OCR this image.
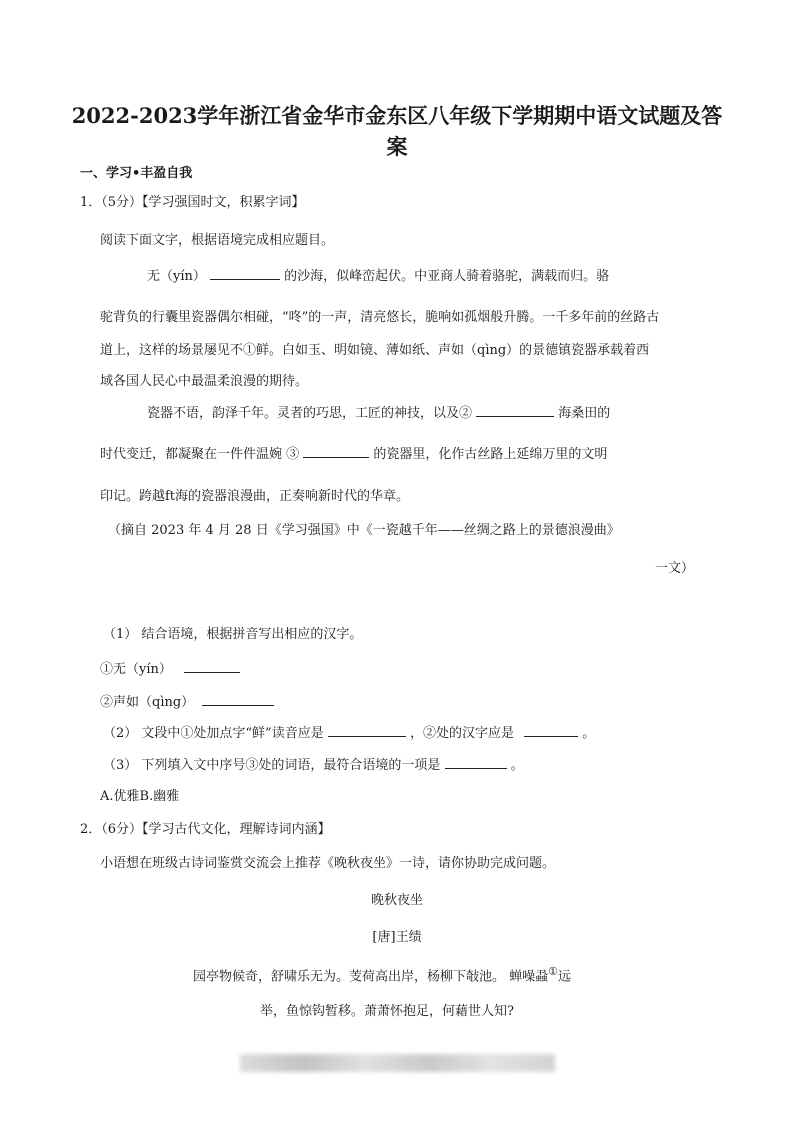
2022-2023学年浙江省金华市金东区八年级下学期期中语文试题及答案
一、学习•丰盈自我
1．（5分）【学习强国时文，积累字词】
阅读下面文字，根据语境完成相应题目。
无（yín）	的沙海，似峰峦起伏。中亚商人骑着骆驼，满载而归。骆
驼背负的行囊里瓷器偶尔相碰，“咚”的一声，清亮悠长，脆响如孤烟般升腾。一千多年前的丝路古
道上，这样的场景屡见不①鲜。白如玉、明如镜、薄如纸、声如（qìng）的景德镇瓷器承载着西
域各国人民心中最温柔浪漫的期待。
瓷器不语，韵泽千年。灵者的巧思，工匠的神技，以及②	海桑田的
时代变迁，都凝聚在一件件温婉 ③	的瓷器里，化作古丝路上延绵万里的文明
印记。跨越ft海的瓷器浪漫曲，正奏响新时代的华章。
（摘自 2023 年 4 月 28 日《学习强国》中《一瓷越千年——丝绸之路上的景德浪漫曲》
一文）
（1） 结合语境，根据拼音写出相应的汉字。
①无（yín）
②声如（qìng）
（2） 文段中①处加点字“鲜”读音应是	，②处的汉字应是	。
（3） 下列填入文中序号③处的词语，最符合语境的一项是	。
A.优雅B.幽雅
2．（6分）【学习古代文化，理解诗词内涵】
小语想在班级古诗词鉴赏交流会上推荐《晚秋夜坐》一诗，请你协助完成问题。
晚秋夜坐
[唐]王绩
园亭物候奇，舒啸乐无为。芰荷高出岸，杨柳下敧池。 蝉噪蝨①远
举，鱼惊钩暂移。萧萧怀抱足，何藉世人知?
